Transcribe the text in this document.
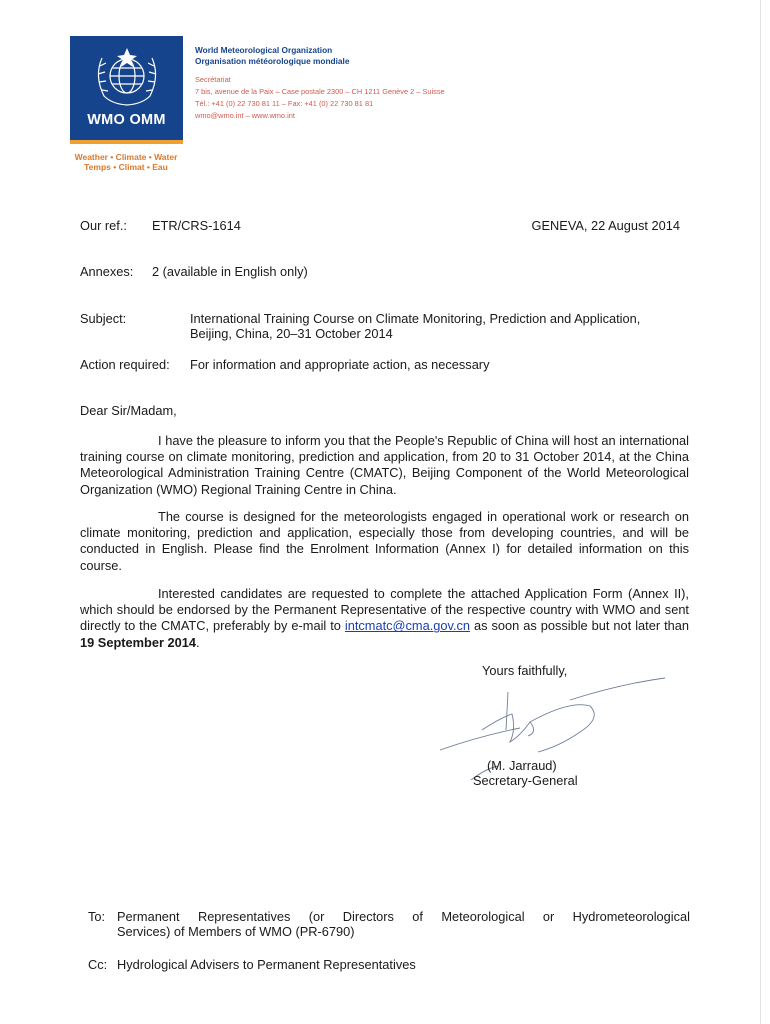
WMO OMM
Weather • Climate • Water
Temps • Climat • Eau
World Meteorological Organization
Organisation météorologique mondiale
Secrétariat
7 bis, avenue de la Paix – Case postale 2300 – CH 1211 Genève 2 – Suisse
Tél.: +41 (0) 22 730 81 11 – Fax: +41 (0) 22 730 81 81
wmo@wmo.int – www.wmo.int
Our ref.: ETR/CRS-1614	GENEVA, 22 August 2014
Annexes: 2 (available in English only)
Subject:	International Training Course on Climate Monitoring, Prediction and Application,
Beijing, China, 20–31 October 2014
Action required: For information and appropriate action, as necessary
Dear Sir/Madam,

I have the pleasure to inform you that the People's Republic of China will host an international training course on climate monitoring, prediction and application, from 20 to 31 October 2014, at the China Meteorological Administration Training Centre (CMATC), Beijing Component of the World Meteorological Organization (WMO) Regional Training Centre in China.

The course is designed for the meteorologists engaged in operational work or research on climate monitoring, prediction and application, especially those from developing countries, and will be conducted in English. Please find the Enrolment Information (Annex I) for detailed information on this course.

Interested candidates are requested to complete the attached Application Form (Annex II), which should be endorsed by the Permanent Representative of the respective country with WMO and sent directly to the CMATC, preferably by e-mail to intcmatc@cma.gov.cn as soon as possible but not later than 19 September 2014.

Yours faithfully,
(M. Jarraud)
Secretary-General
To: Permanent Representatives (or Directors of Meteorological or Hydrometeorological
Services) of Members of WMO (PR-6790)
Cc: Hydrological Advisers to Permanent Representatives
